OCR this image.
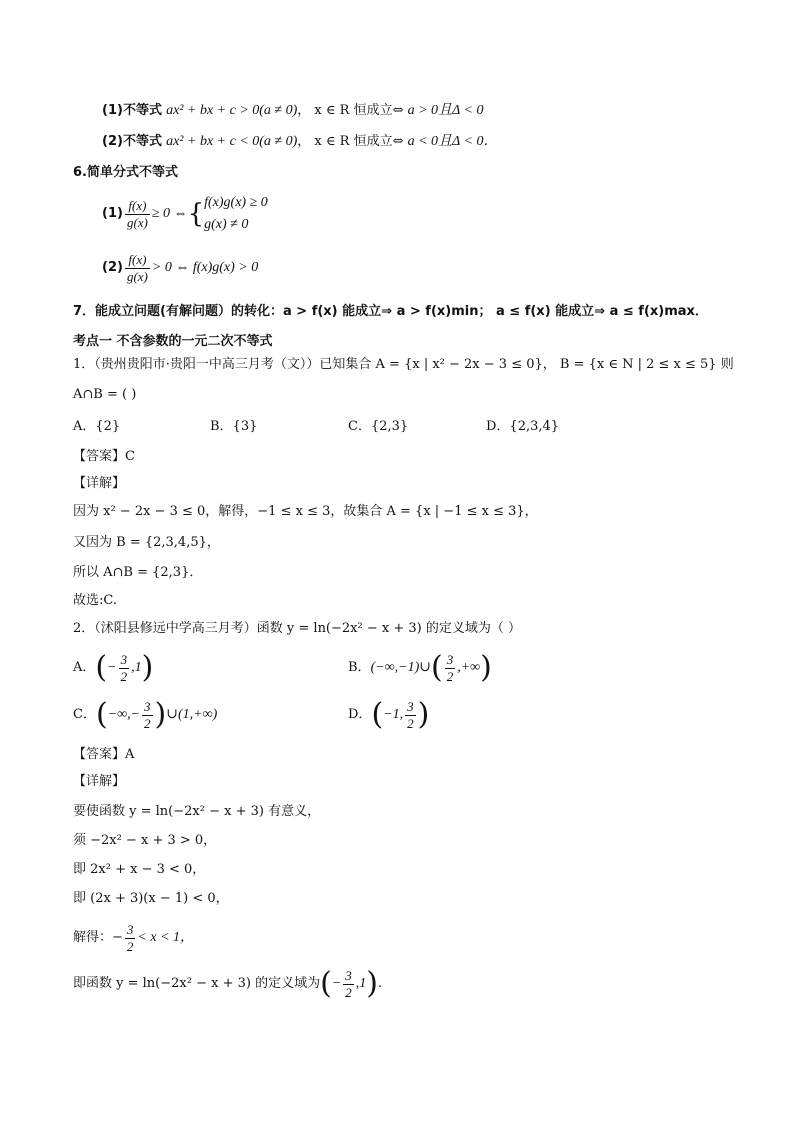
(1)不等式 ax² + bx + c > 0(a ≠ 0)， x ∈ R 恒成立⇔ a > 0且Δ < 0
(2)不等式 ax² + bx + c < 0(a ≠ 0)， x ∈ R 恒成立⇔ a < 0且Δ < 0．
6.简单分式不等式
$(1) \frac{f(x)}{g(x)} \ge 0$ ⇔ { f(x)g(x) ≥ 0
g(x) ≠ 0
$(2) \frac{f(x)}{g(x)} > 0$ ⇔ f(x)g(x) > 0
7．能成立问题(有解问题）的转化：a > f(x) 能成立⇒ a > f(x)min； a ≤ f(x) 能成立⇒ a ≤ f(x)max．
考点一 不含参数的一元二次不等式
1．（贵州贵阳市·贵阳一中高三月考（文））已知集合 A = {x | x² − 2x − 3 ≤ 0}， B = {x ∈ N | 2 ≤ x ≤ 5} 则
A∩B = ( )
A．{2}	B．{3}	C．{2,3}	D．{2,3,4}
【答案】C
【详解】
因为 x² − 2x − 3 ≤ 0，解得，−1 ≤ x ≤ 3，故集合 A = {x | −1 ≤ x ≤ 3}，
又因为 B = {2,3,4,5}，
所以 A∩B = {2,3}．
故选:C.
2．（沭阳县修远中学高三月考）函数 y = ln(−2x² − x + 3) 的定义域为（ ）
A． ( − $\frac{3}{2} ,1$ )	B． (−∞,−1)∪ ( $\frac{3}{2}$ ,+∞ )
C． ( −∞,− $\frac{3}{2}$ ) ∪(1,+∞)	D． ( −1, $\frac{3}{2}$ )
【答案】A
【详解】
要使函数 y = ln(−2x² − x + 3) 有意义，
须 −2x² − x + 3 > 0，
即 2x² + x − 3 < 0，
即 (2x + 3)(x − 1) < 0，
解得：− $\frac{3}{2} < x < 1$，
即函数 y = ln(−2x² − x + 3) 的定义域为 ( − $\frac{3}{2} ,1$ ) .
